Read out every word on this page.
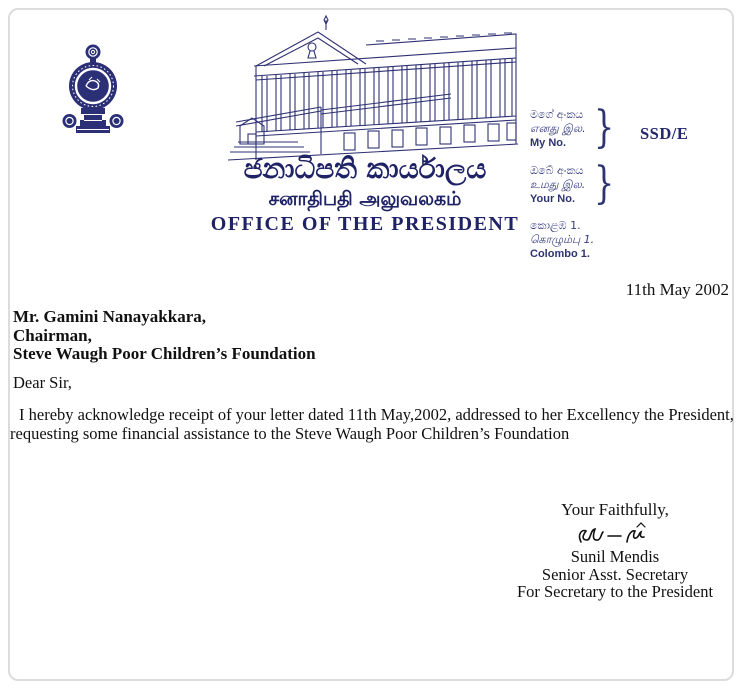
ජනාධිපති කාර්යාලය
சனாதிபதி அலுவலகம்
OFFICE OF THE PRESIDENT
මගේ අංකය
எனது இல.
My No. } SSD/E
ඔබේ අංකය
உமது இல.
Your No. }
කොළඹ 1.
கொழும்பு 1.
Colombo 1.
11th May 2002
Mr. Gamini Nanayakkara,
Chairman,
Steve Waugh Poor Children’s Foundation
Dear Sir,

I hereby acknowledge receipt of your letter dated 11th May,2002, addressed to her Excellency the President, requesting some financial assistance to the Steve Waugh Poor Children’s Foundation

Your Faithfully,
Sunil Mendis
Senior Asst. Secretary
For Secretary to the President
